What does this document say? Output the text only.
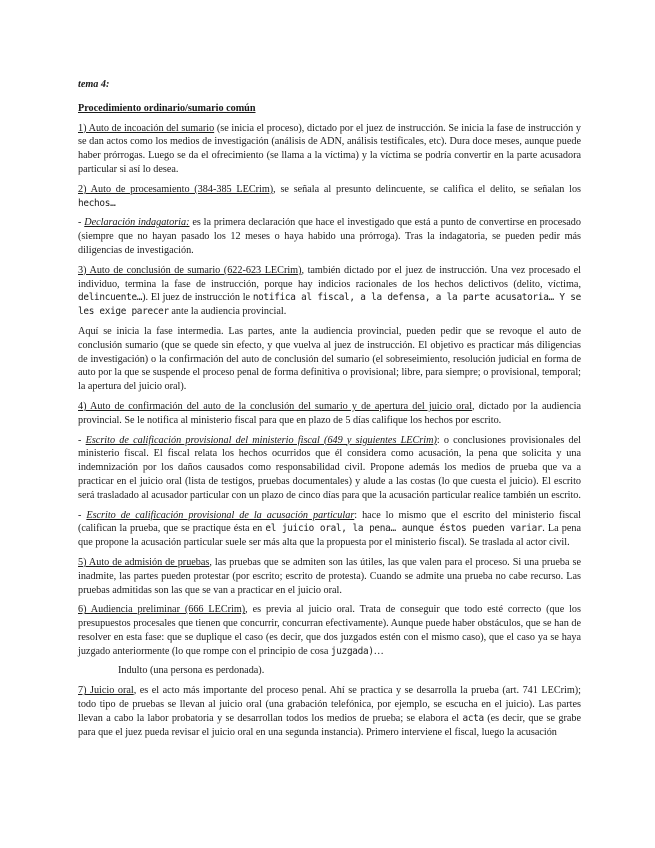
tema 4:
Procedimiento ordinario/sumario común

1) Auto de incoación del sumario (se inicia el proceso), dictado por el juez de instrucción. Se inicia la fase de instrucción y se dan actos como los medios de investigación (análisis de ADN, análisis testificales, etc). Dura doce meses, aunque puede haber prórrogas. Luego se da el ofrecimiento (se llama a la víctima) y la víctima se podría convertir en la parte acusadora particular si así lo desea.

2) Auto de procesamiento (384-385 LECrim), se señala al presunto delincuente, se califica el delito, se señalan los hechos…

- Declaración indagatoria: es la primera declaración que hace el investigado que está a punto de convertirse en procesado (siempre que no hayan pasado los 12 meses o haya habido una prórroga). Tras la indagatoria, se pueden pedir más diligencias de investigación.

3) Auto de conclusión de sumario (622-623 LECrim), también dictado por el juez de instrucción. Una vez procesado el individuo, termina la fase de instrucción, porque hay indicios racionales de los hechos delictivos (delito, víctima, delincuente…). El juez de instrucción le notifica al fiscal, a la defensa, a la parte acusatoria… Y se les exige parecer ante la audiencia provincial.

Aquí se inicia la fase intermedia. Las partes, ante la audiencia provincial, pueden pedir que se revoque el auto de conclusión sumario (que se quede sin efecto, y que vuelva al juez de instrucción. El objetivo es practicar más diligencias de investigación) o la confirmación del auto de conclusión del sumario (el sobreseimiento, resolución judicial en forma de auto por la que se suspende el proceso penal de forma definitiva o provisional; libre, para siempre; o provisional, temporal; la apertura del juicio oral).

4) Auto de confirmación del auto de la conclusión del sumario y de apertura del juicio oral, dictado por la audiencia provincial. Se le notifica al ministerio fiscal para que en plazo de 5 días califique los hechos por escrito.

- Escrito de calificación provisional del ministerio fiscal (649 y siguientes LECrim): o conclusiones provisionales del ministerio fiscal. El fiscal relata los hechos ocurridos que él considera como acusación, la pena que solicita y una indemnización por los daños causados como responsabilidad civil. Propone además los medios de prueba que va a practicar en el juicio oral (lista de testigos, pruebas documentales) y alude a las costas (lo que cuesta el juicio). El escrito será trasladado al acusador particular con un plazo de cinco días para que la acusación particular realice también un escrito.

- Escrito de calificación provisional de la acusación particular: hace lo mismo que el escrito del ministerio fiscal (califican la prueba, que se practique ésta en el juicio oral, la pena… aunque éstos pueden variar. La pena que propone la acusación particular suele ser más alta que la propuesta por el ministerio fiscal). Se traslada al actor civil.

5) Auto de admisión de pruebas, las pruebas que se admiten son las útiles, las que valen para el proceso. Si una prueba se inadmite, las partes pueden protestar (por escrito; escrito de protesta). Cuando se admite una prueba no cabe recurso. Las pruebas admitidas son las que se van a practicar en el juicio oral.

6) Audiencia preliminar (666 LECrim), es previa al juicio oral. Trata de conseguir que todo esté correcto (que los presupuestos procesales que tienen que concurrir, concurran efectivamente). Aunque puede haber obstáculos, que se han de resolver en esta fase: que se duplique el caso (es decir, que dos juzgados estén con el mismo caso), que el caso ya se haya juzgado anteriormente (lo que rompe con el principio de cosa juzgada)…

Indulto (una persona es perdonada).

7) Juicio oral, es el acto más importante del proceso penal. Ahí se practica y se desarrolla la prueba (art. 741 LECrim); todo tipo de pruebas se llevan al juicio oral (una grabación telefónica, por ejemplo, se escucha en el juicio). Las partes llevan a cabo la labor probatoria y se desarrollan todos los medios de prueba; se elabora el acta (es decir, que se grabe para que el juez pueda revisar el juicio oral en una segunda instancia). Primero interviene el fiscal, luego la acusación
